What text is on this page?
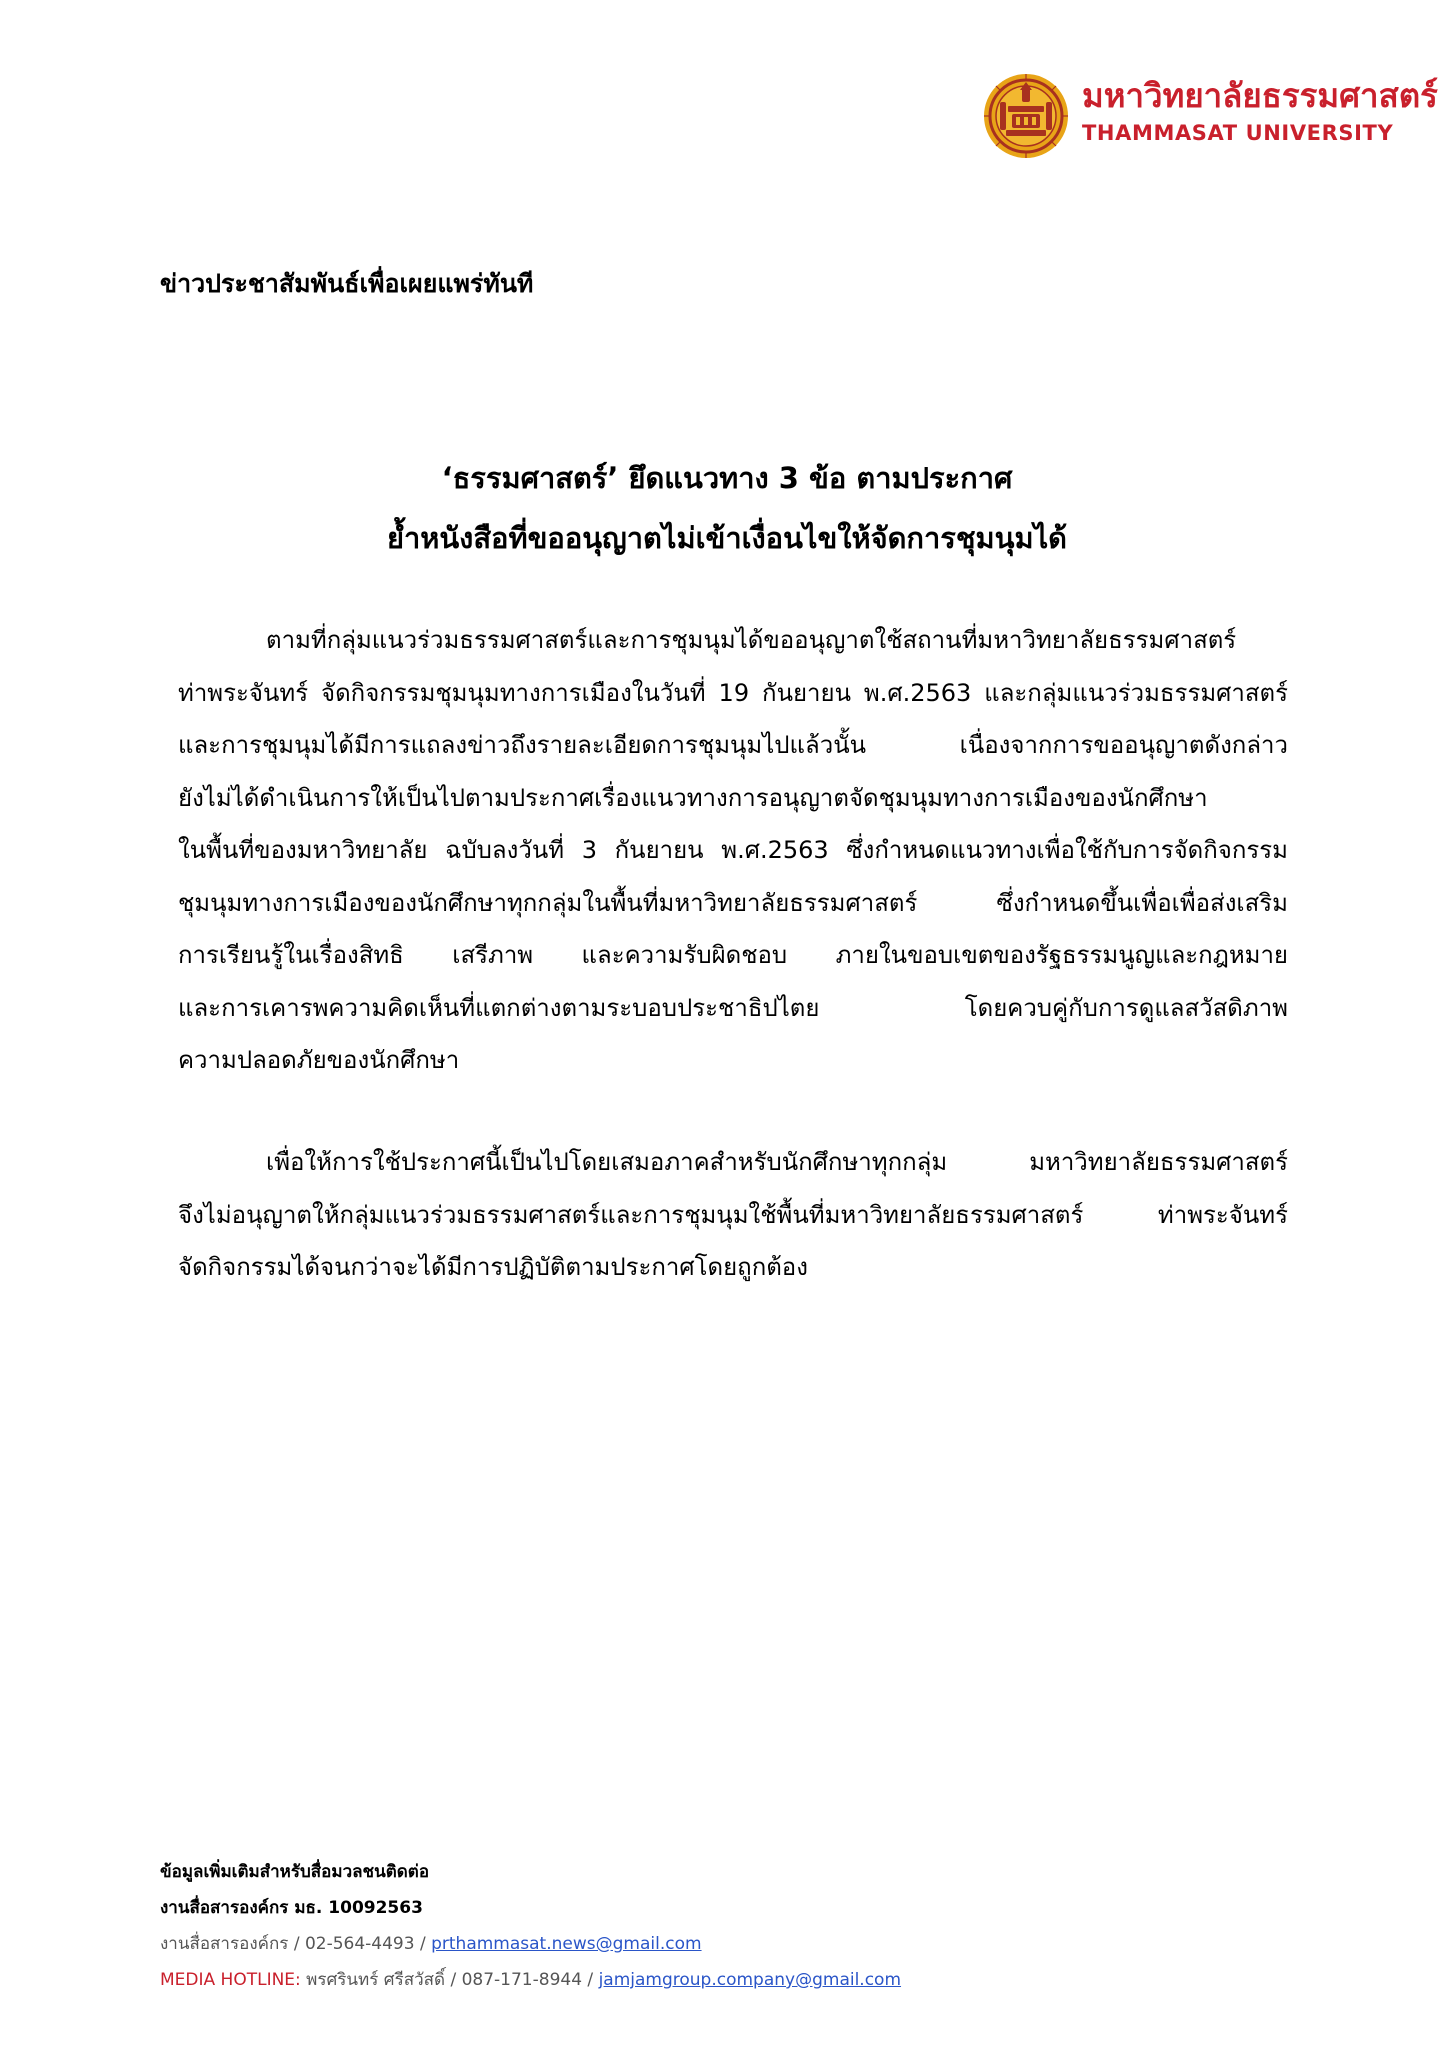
มหาวิทยาลัยธรรมศาสตร์
THAMMASAT UNIVERSITY
ข่าวประชาสัมพันธ์เพื่อเผยแพร่ทันที
‘ธรรมศาสตร์’ ยึดแนวทาง 3 ข้อ ตามประกาศ
ย้ำหนังสือที่ขออนุญาตไม่เข้าเงื่อนไขให้จัดการชุมนุมได้
ตามที่กลุ่มแนวร่วมธรรมศาสตร์และการชุมนุมได้ขออนุญาตใช้สถานที่มหาวิทยาลัยธรรมศาสตร์
ท่าพระจันทร์ จัดกิจกรรมชุมนุมทางการเมืองในวันที่ 19 กันยายน พ.ศ.2563 และกลุ่มแนวร่วมธรรมศาสตร์
และการชุมนุมได้มีการแถลงข่าวถึงรายละเอียดการชุมนุมไปแล้วนั้น เนื่องจากการขออนุญาตดังกล่าว
ยังไม่ได้ดำเนินการให้เป็นไปตามประกาศเรื่องแนวทางการอนุญาตจัดชุมนุมทางการเมืองของนักศึกษา
ในพื้นที่ของมหาวิทยาลัย ฉบับลงวันที่ 3 กันยายน พ.ศ.2563 ซึ่งกำหนดแนวทางเพื่อใช้กับการจัดกิจกรรม
ชุมนุมทางการเมืองของนักศึกษาทุกกลุ่มในพื้นที่มหาวิทยาลัยธรรมศาสตร์ ซึ่งกำหนดขึ้นเพื่อเพื่อส่งเสริม
การเรียนรู้ในเรื่องสิทธิ เสรีภาพ และความรับผิดชอบ ภายในขอบเขตของรัฐธรรมนูญและกฎหมาย
และการเคารพความคิดเห็นที่แตกต่างตามระบอบประชาธิปไตย โดยควบคู่กับการดูแลสวัสดิภาพ
ความปลอดภัยของนักศึกษา
เพื่อให้การใช้ประกาศนี้เป็นไปโดยเสมอภาคสำหรับนักศึกษาทุกกลุ่ม มหาวิทยาลัยธรรมศาสตร์
จึงไม่อนุญาตให้กลุ่มแนวร่วมธรรมศาสตร์และการชุมนุมใช้พื้นที่มหาวิทยาลัยธรรมศาสตร์ ท่าพระจันทร์
จัดกิจกรรมได้จนกว่าจะได้มีการปฏิบัติตามประกาศโดยถูกต้อง
ข้อมูลเพิ่มเติมสำหรับสื่อมวลชนติดต่อ
งานสื่อสารองค์กร มธ. 10092563
งานสื่อสารองค์กร / 02-564-4493 / prthammasat.news@gmail.com
MEDIA HOTLINE: พรศรินทร์ ศรีสวัสดิ์ / 087-171-8944 / jamjamgroup.company@gmail.com
